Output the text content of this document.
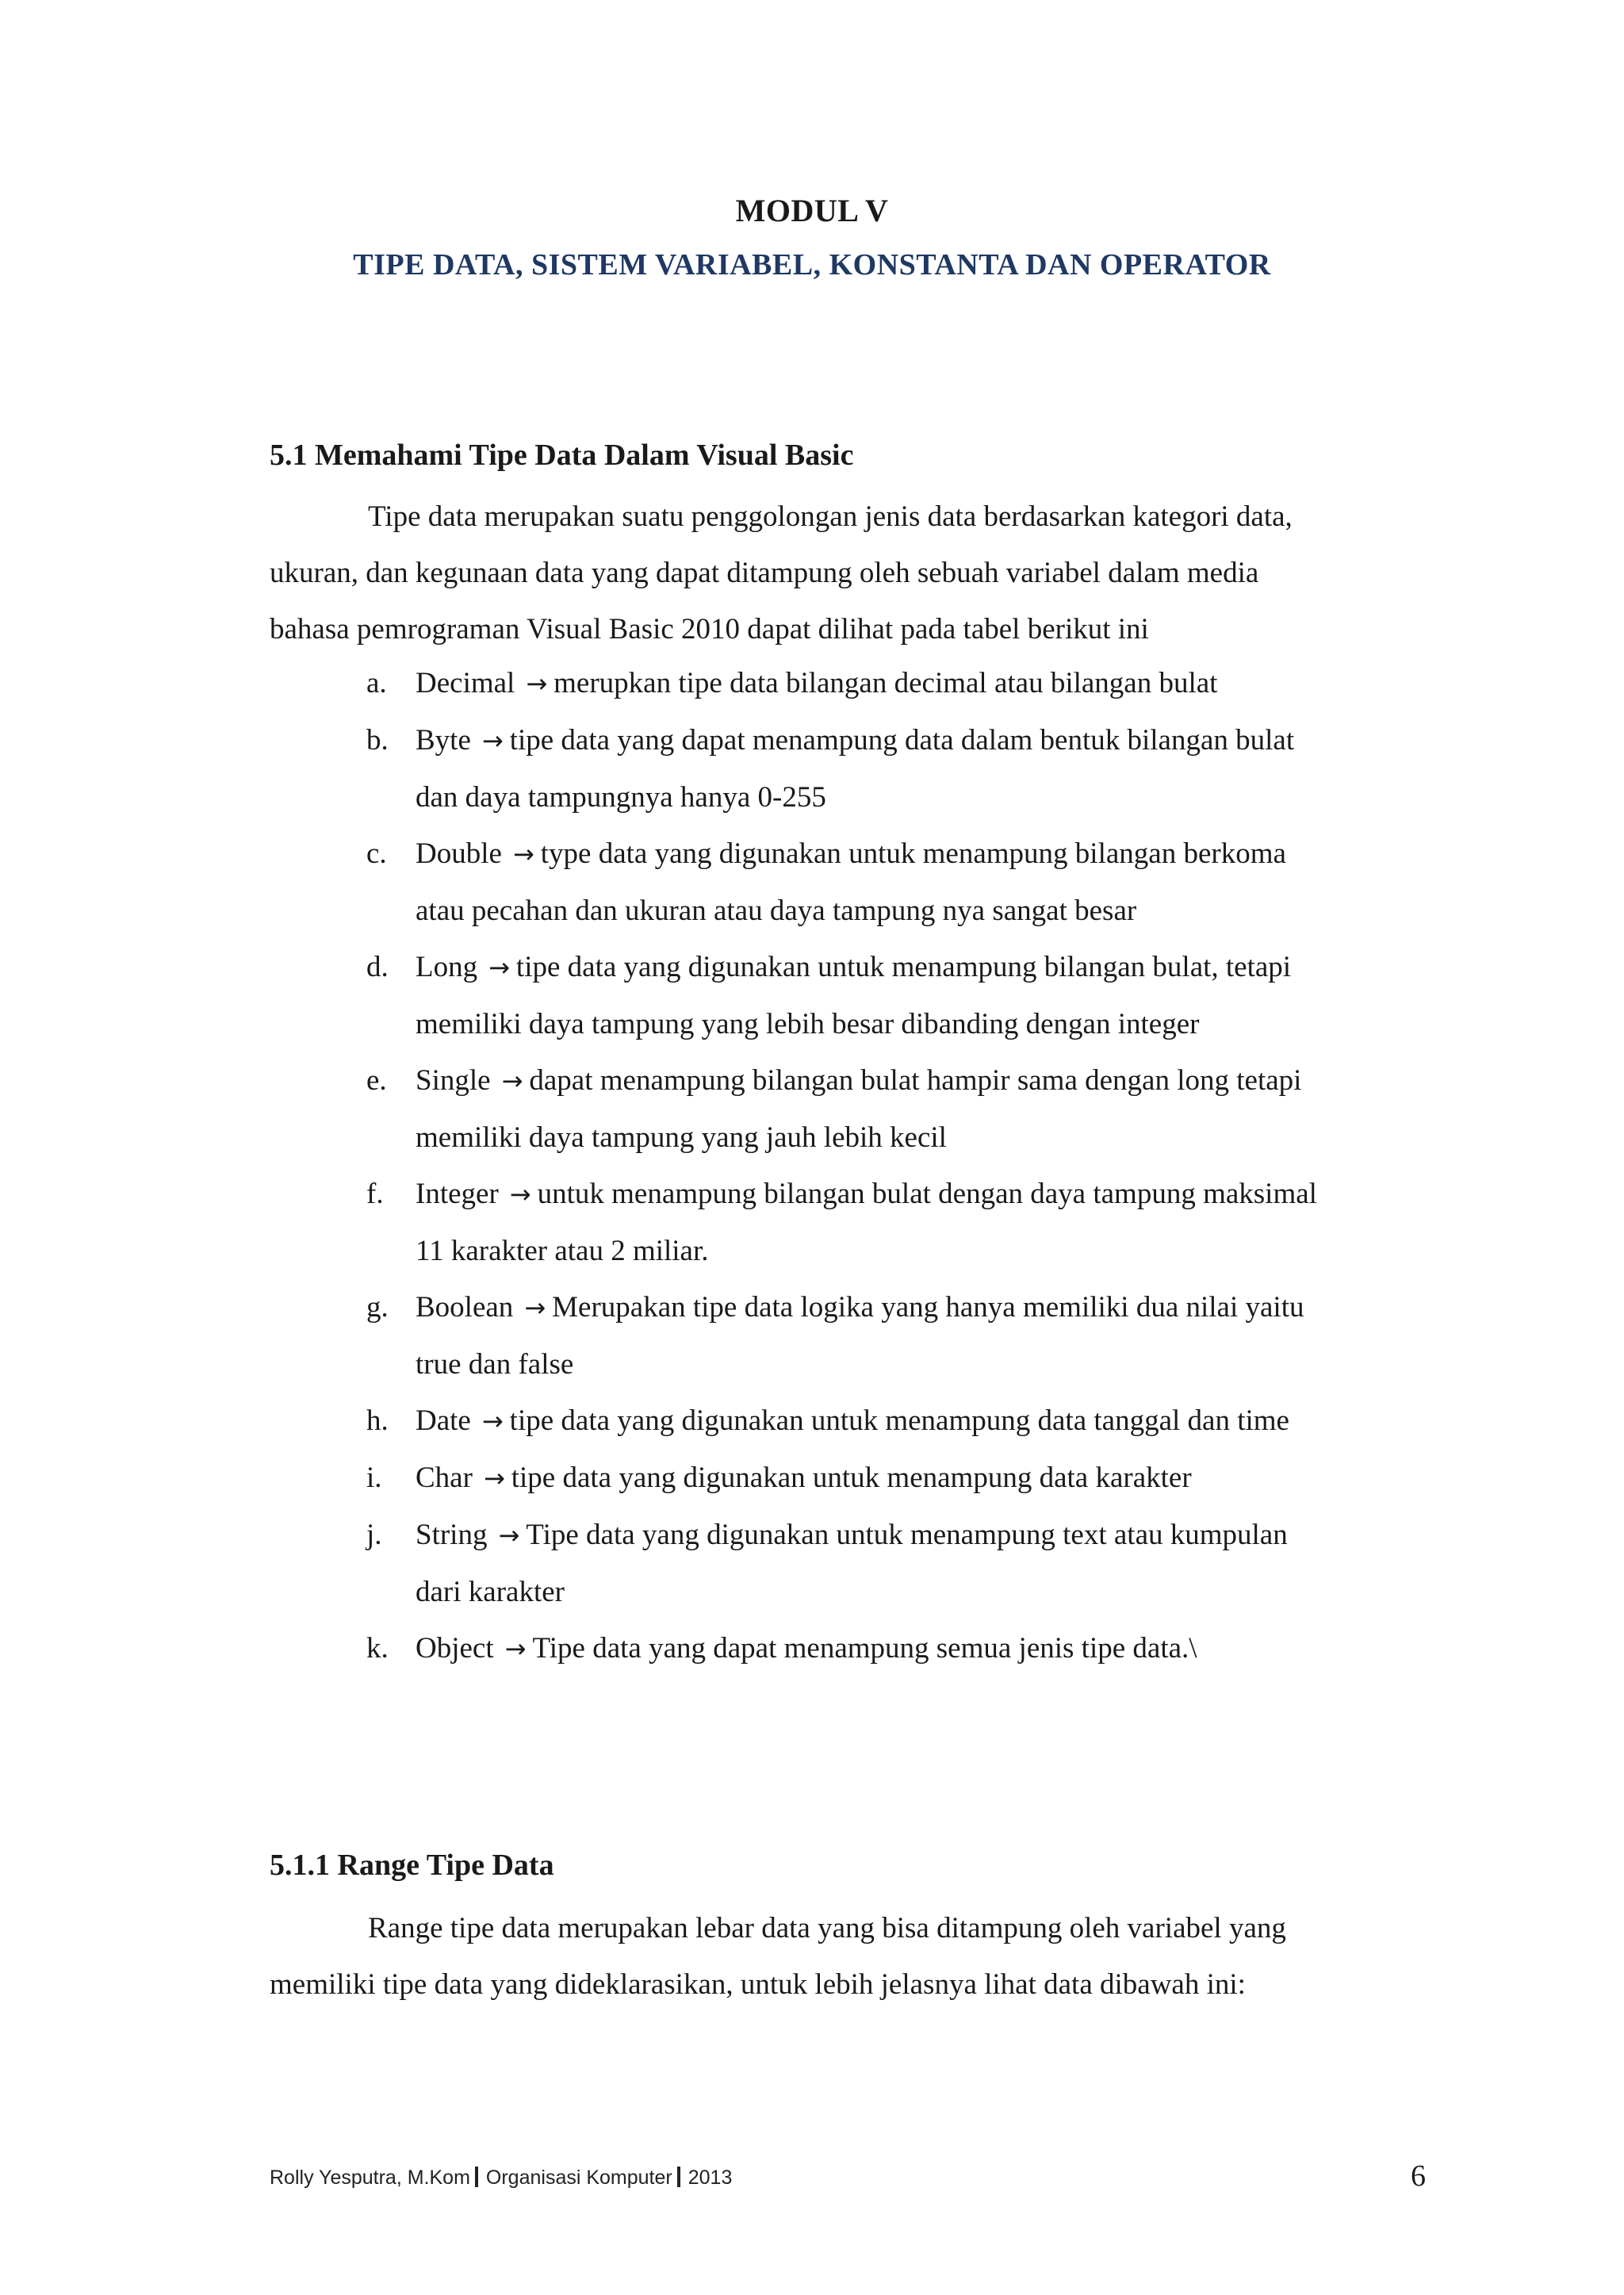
MODUL V
TIPE DATA, SISTEM VARIABEL, KONSTANTA DAN OPERATOR
5.1 Memahami Tipe Data Dalam Visual Basic
Tipe data merupakan suatu penggolongan jenis data berdasarkan kategori data,
ukuran, dan kegunaan data yang dapat ditampung oleh sebuah variabel dalam media
bahasa pemrograman Visual Basic 2010 dapat dilihat pada tabel berikut ini
a. Decimal → merupkan tipe data bilangan decimal atau bilangan bulat
b. Byte → tipe data yang dapat menampung data dalam bentuk bilangan bulat
dan daya tampungnya hanya 0-255
c. Double → type data yang digunakan untuk menampung bilangan berkoma
atau pecahan dan ukuran atau daya tampung nya sangat besar
d. Long → tipe data yang digunakan untuk menampung bilangan bulat, tetapi
memiliki daya tampung yang lebih besar dibanding dengan integer
e. Single → dapat menampung bilangan bulat hampir sama dengan long tetapi
memiliki daya tampung yang jauh lebih kecil
f. Integer → untuk menampung bilangan bulat dengan daya tampung maksimal
11 karakter atau 2 miliar.
g. Boolean → Merupakan tipe data logika yang hanya memiliki dua nilai yaitu
true dan false
h. Date → tipe data yang digunakan untuk menampung data tanggal dan time
i. Char → tipe data yang digunakan untuk menampung data karakter
j. String → Tipe data yang digunakan untuk menampung text atau kumpulan
dari karakter
k. Object → Tipe data yang dapat menampung semua jenis tipe data.\
5.1.1 Range Tipe Data
Range tipe data merupakan lebar data yang bisa ditampung oleh variabel yang
memiliki tipe data yang dideklarasikan, untuk lebih jelasnya lihat data dibawah ini:
Rolly Yesputra, M.Kom Organisasi Komputer 2013	6
